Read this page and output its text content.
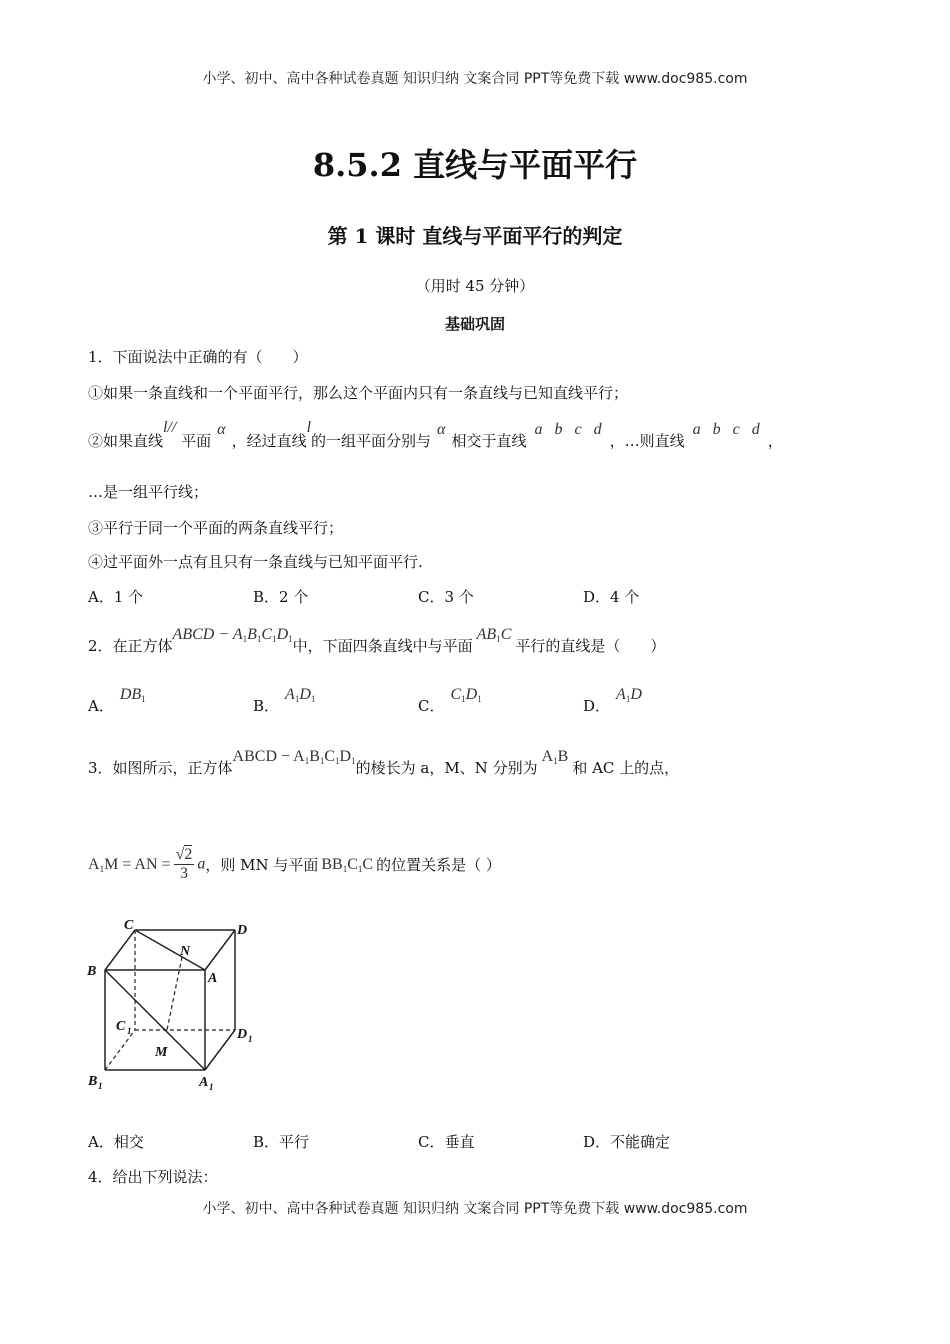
小学、初中、高中各种试卷真题 知识归纳 文案合同 PPT等免费下载 www.doc985.com
8.5.2 直线与平面平行
第 1 课时 直线与平面平行的判定
（用时 45 分钟）
基础巩固
1．下面说法中正确的有（　　）
①如果一条直线和一个平面平行，那么这个平面内只有一条直线与已知直线平行；
②如果直线l// 平面α，经过直线l的一组平面分别与α相交于直线a b c d，…则直线a b c d，
…是一组平行线；
③平行于同一个平面的两条直线平行；
④过平面外一点有且只有一条直线与已知平面平行.
A．1 个	B．2 个	C．3 个	D．4 个
2．在正方体ABCD − $A_1B_1C_1D_1$中，下面四条直线中与平面$AB_1C$平行的直线是（　　）
A．$DB_1$	B．$A_1D_1$	C．$C_1D_1$	D．$A_1D$
3．如图所示，正方体ABCD − $A_1B_1C_1D_1$的棱长为 a，M、N 分别为$A_1B$和 AC 上的点，
$A_1M$ = AN = $\frac{√2}{3}$ a，则 MN 与平面 $BB_1C_1C$ 的位置关系是（ ）
C	D
N
B	A
C 1	D 1
M
B 1	A 1
A．相交	B．平行	C．垂直	D．不能确定
4．给出下列说法：
小学、初中、高中各种试卷真题 知识归纳 文案合同 PPT等免费下载 www.doc985.com
